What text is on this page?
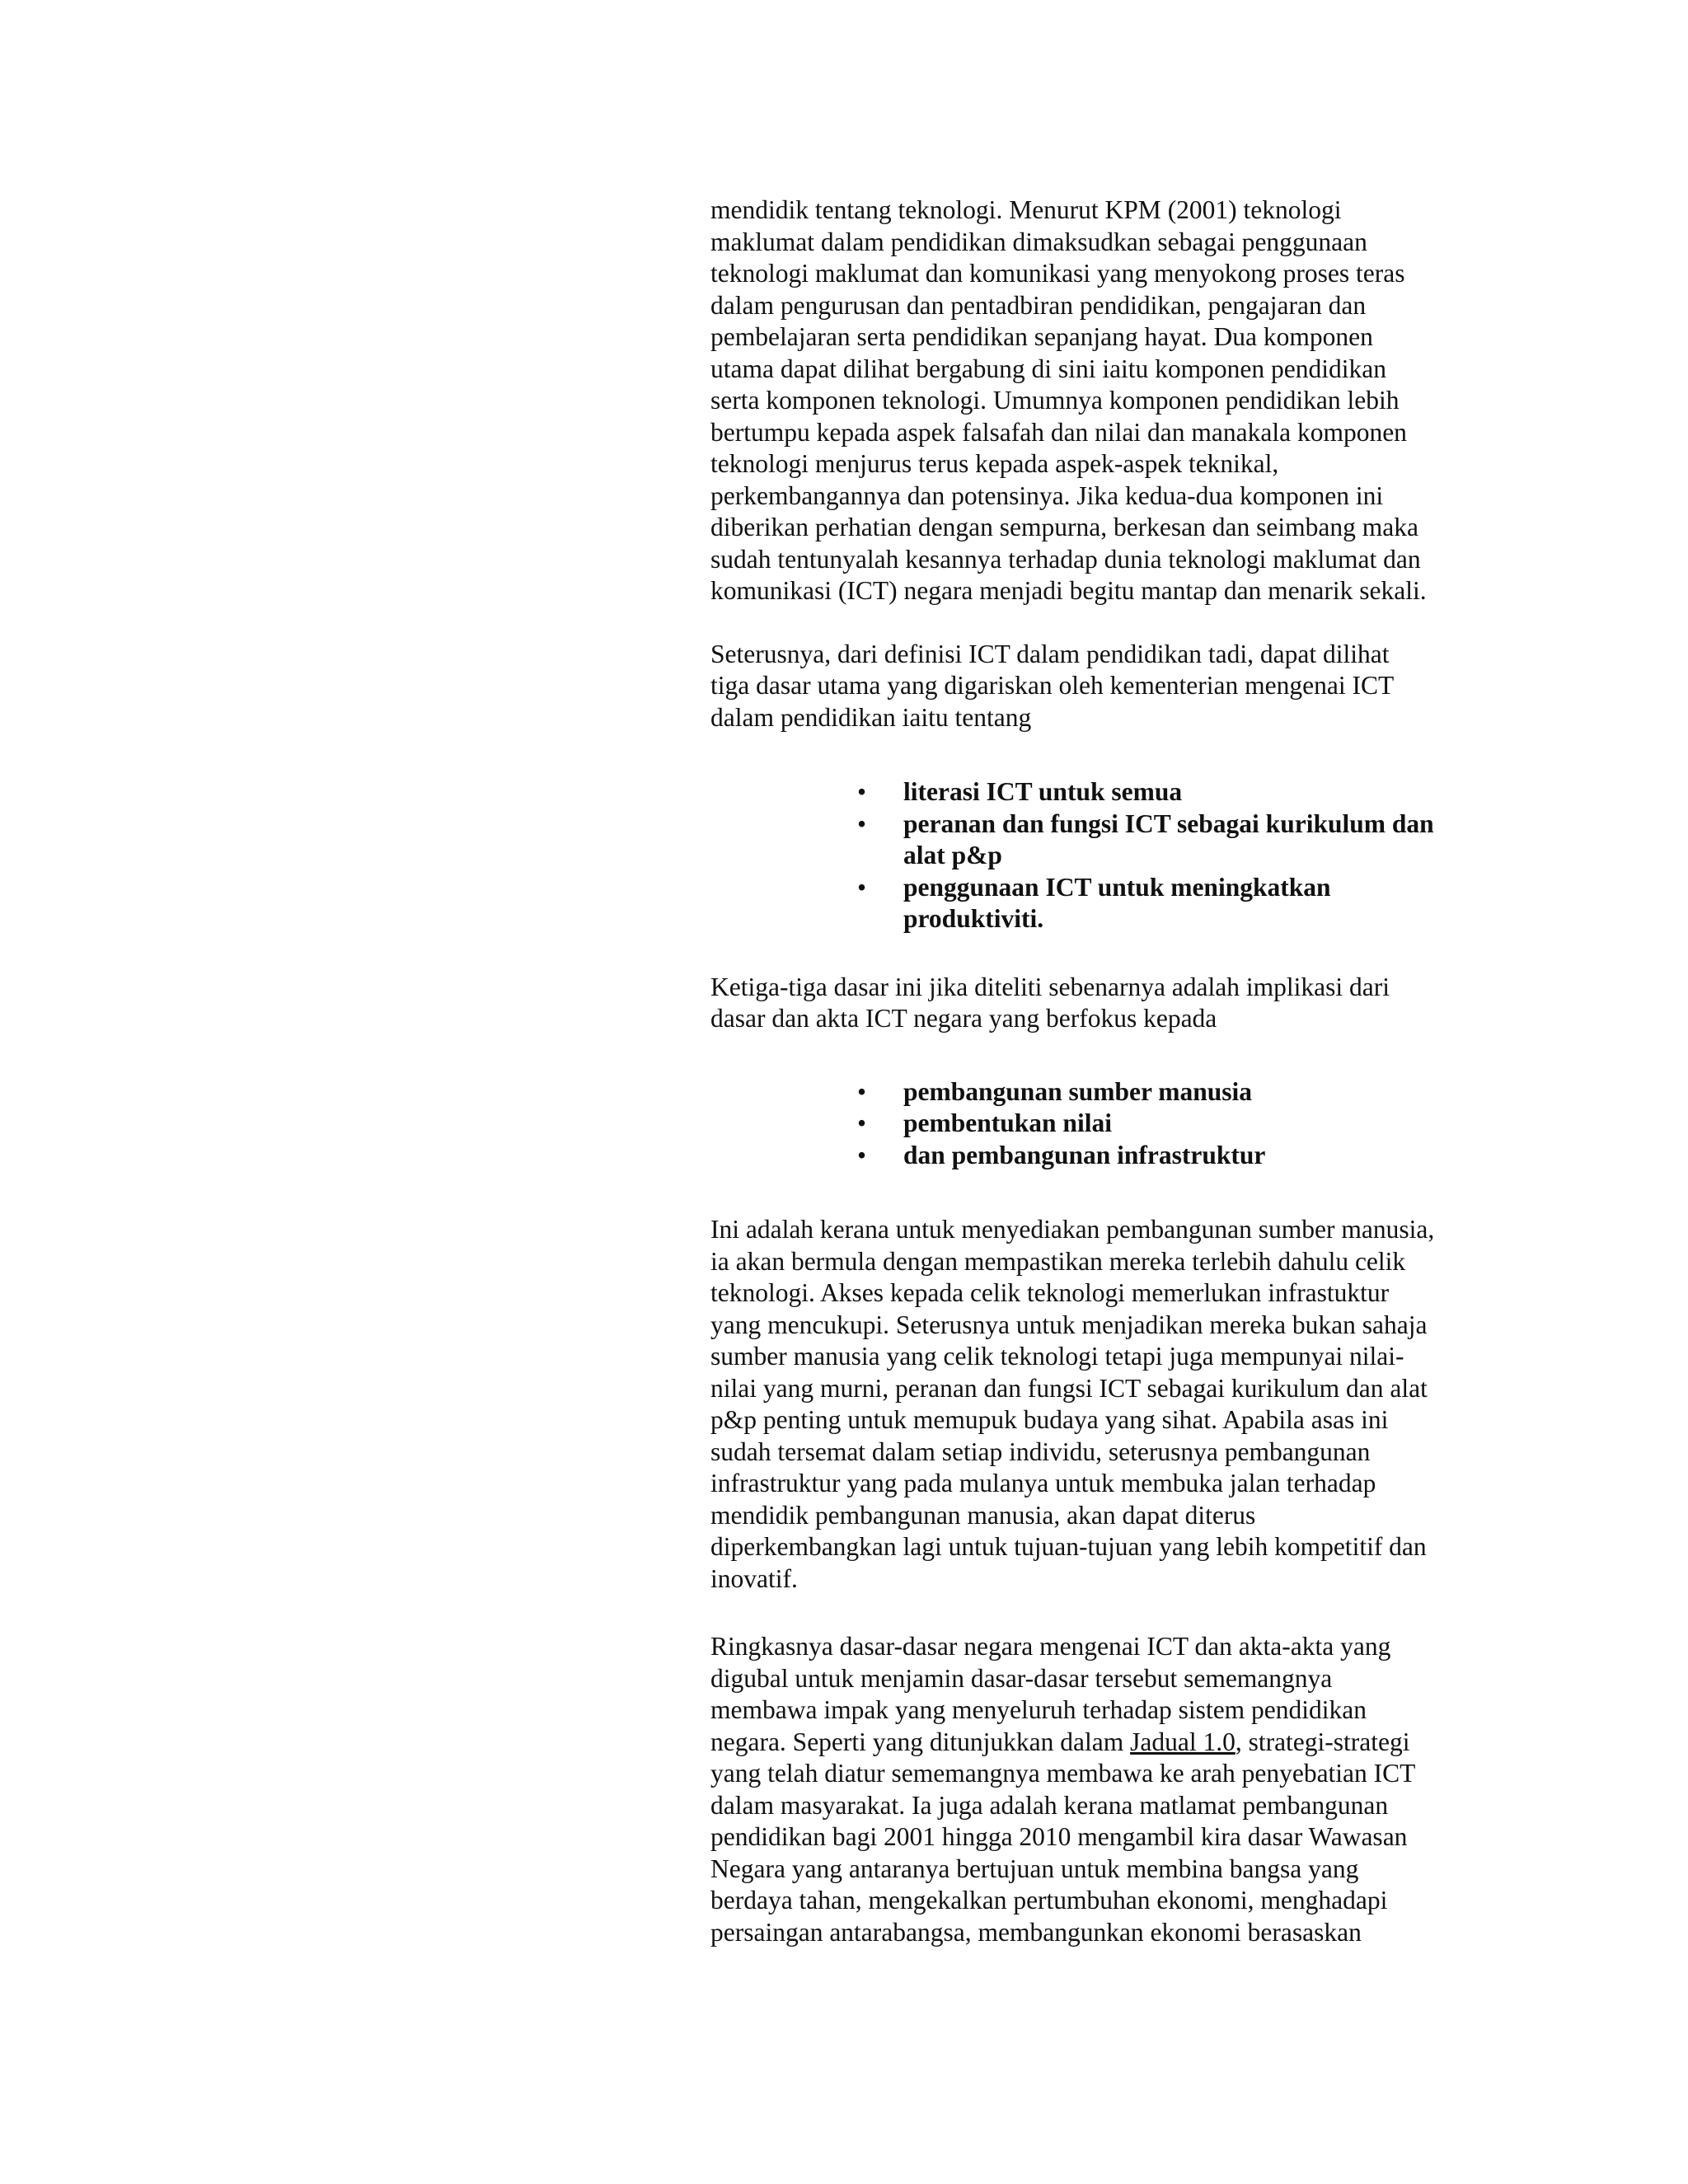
mendidik tentang teknologi. Menurut KPM (2001) teknologi
maklumat dalam pendidikan dimaksudkan sebagai penggunaan
teknologi maklumat dan komunikasi yang menyokong proses teras
dalam pengurusan dan pentadbiran pendidikan, pengajaran dan
pembelajaran serta pendidikan sepanjang hayat. Dua komponen
utama dapat dilihat bergabung di sini iaitu komponen pendidikan
serta komponen teknologi. Umumnya komponen pendidikan lebih
bertumpu kepada aspek falsafah dan nilai dan manakala komponen
teknologi menjurus terus kepada aspek-aspek teknikal,
perkembangannya dan potensinya. Jika kedua-dua komponen ini
diberikan perhatian dengan sempurna, berkesan dan seimbang maka
sudah tentunyalah kesannya terhadap dunia teknologi maklumat dan
komunikasi (ICT) negara menjadi begitu mantap dan menarik sekali.

Seterusnya, dari definisi ICT dalam pendidikan tadi, dapat dilihat
tiga dasar utama yang digariskan oleh kementerian mengenai ICT
dalam pendidikan iaitu tentang

• literasi ICT untuk semua
• peranan dan fungsi ICT sebagai kurikulum dan
alat p&p
• penggunaan ICT untuk meningkatkan
produktiviti.

Ketiga-tiga dasar ini jika diteliti sebenarnya adalah implikasi dari
dasar dan akta ICT negara yang berfokus kepada

• pembangunan sumber manusia
• pembentukan nilai
• dan pembangunan infrastruktur

Ini adalah kerana untuk menyediakan pembangunan sumber manusia,
ia akan bermula dengan mempastikan mereka terlebih dahulu celik
teknologi. Akses kepada celik teknologi memerlukan infrastuktur
yang mencukupi. Seterusnya untuk menjadikan mereka bukan sahaja
sumber manusia yang celik teknologi tetapi juga mempunyai nilai-
nilai yang murni, peranan dan fungsi ICT sebagai kurikulum dan alat
p&p penting untuk memupuk budaya yang sihat. Apabila asas ini
sudah tersemat dalam setiap individu, seterusnya pembangunan
infrastruktur yang pada mulanya untuk membuka jalan terhadap
mendidik pembangunan manusia, akan dapat diterus
diperkembangkan lagi untuk tujuan-tujuan yang lebih kompetitif dan
inovatif.

Ringkasnya dasar-dasar negara mengenai ICT dan akta-akta yang
digubal untuk menjamin dasar-dasar tersebut sememangnya
membawa impak yang menyeluruh terhadap sistem pendidikan
negara. Seperti yang ditunjukkan dalam Jadual 1.0, strategi-strategi
yang telah diatur sememangnya membawa ke arah penyebatian ICT
dalam masyarakat. Ia juga adalah kerana matlamat pembangunan
pendidikan bagi 2001 hingga 2010 mengambil kira dasar Wawasan
Negara yang antaranya bertujuan untuk membina bangsa yang
berdaya tahan, mengekalkan pertumbuhan ekonomi, menghadapi
persaingan antarabangsa, membangunkan ekonomi berasaskan
